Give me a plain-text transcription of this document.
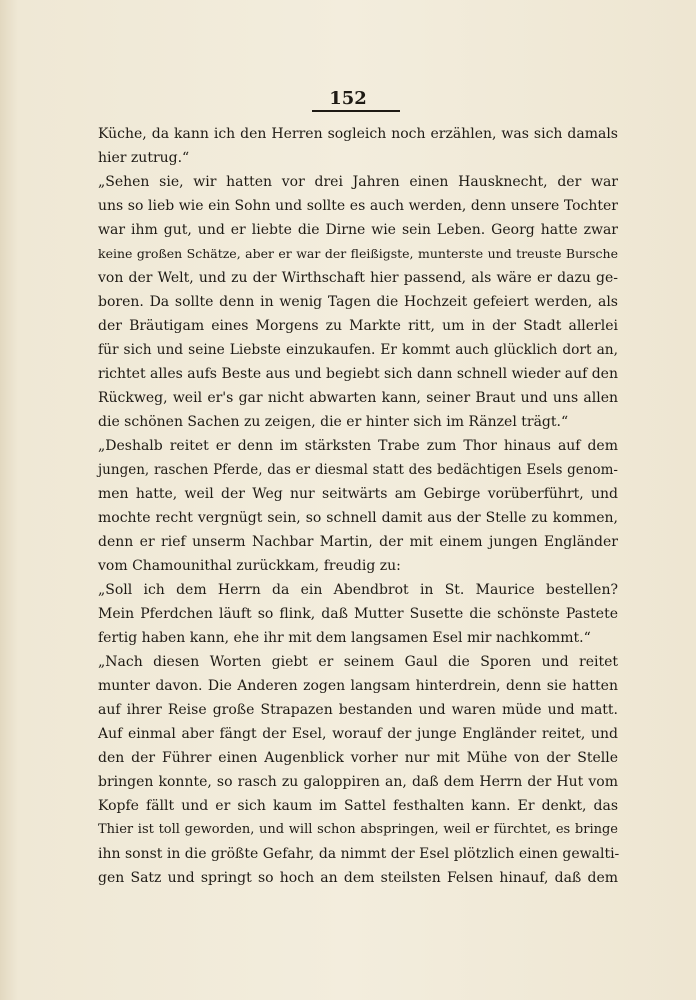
152
Küche, da kann ich den Herren sogleich noch erzählen, was sich damals
hier zutrug.“
„Sehen sie, wir hatten vor drei Jahren einen Hausknecht, der war
uns so lieb wie ein Sohn und sollte es auch werden, denn unsere Tochter
war ihm gut, und er liebte die Dirne wie sein Leben. Georg hatte zwar
keine großen Schätze, aber er war der fleißigste, munterste und treuste Bursche
von der Welt, und zu der Wirthschaft hier passend, als wäre er dazu ge-
boren. Da sollte denn in wenig Tagen die Hochzeit gefeiert werden, als
der Bräutigam eines Morgens zu Markte ritt, um in der Stadt allerlei
für sich und seine Liebste einzukaufen. Er kommt auch glücklich dort an,
richtet alles aufs Beste aus und begiebt sich dann schnell wieder auf den
Rückweg, weil er's gar nicht abwarten kann, seiner Braut und uns allen
die schönen Sachen zu zeigen, die er hinter sich im Ränzel trägt.“
„Deshalb reitet er denn im stärksten Trabe zum Thor hinaus auf dem
jungen, raschen Pferde, das er diesmal statt des bedächtigen Esels genom-
men hatte, weil der Weg nur seitwärts am Gebirge vorüberführt, und
mochte recht vergnügt sein, so schnell damit aus der Stelle zu kommen,
denn er rief unserm Nachbar Martin, der mit einem jungen Engländer
vom Chamounithal zurückkam, freudig zu:
„Soll ich dem Herrn da ein Abendbrot in St. Maurice bestellen?
Mein Pferdchen läuft so flink, daß Mutter Susette die schönste Pastete
fertig haben kann, ehe ihr mit dem langsamen Esel mir nachkommt.“
„Nach diesen Worten giebt er seinem Gaul die Sporen und reitet
munter davon. Die Anderen zogen langsam hinterdrein, denn sie hatten
auf ihrer Reise große Strapazen bestanden und waren müde und matt.
Auf einmal aber fängt der Esel, worauf der junge Engländer reitet, und
den der Führer einen Augenblick vorher nur mit Mühe von der Stelle
bringen konnte, so rasch zu galoppiren an, daß dem Herrn der Hut vom
Kopfe fällt und er sich kaum im Sattel festhalten kann. Er denkt, das
Thier ist toll geworden, und will schon abspringen, weil er fürchtet, es bringe
ihn sonst in die größte Gefahr, da nimmt der Esel plötzlich einen gewalti-
gen Satz und springt so hoch an dem steilsten Felsen hinauf, daß dem
